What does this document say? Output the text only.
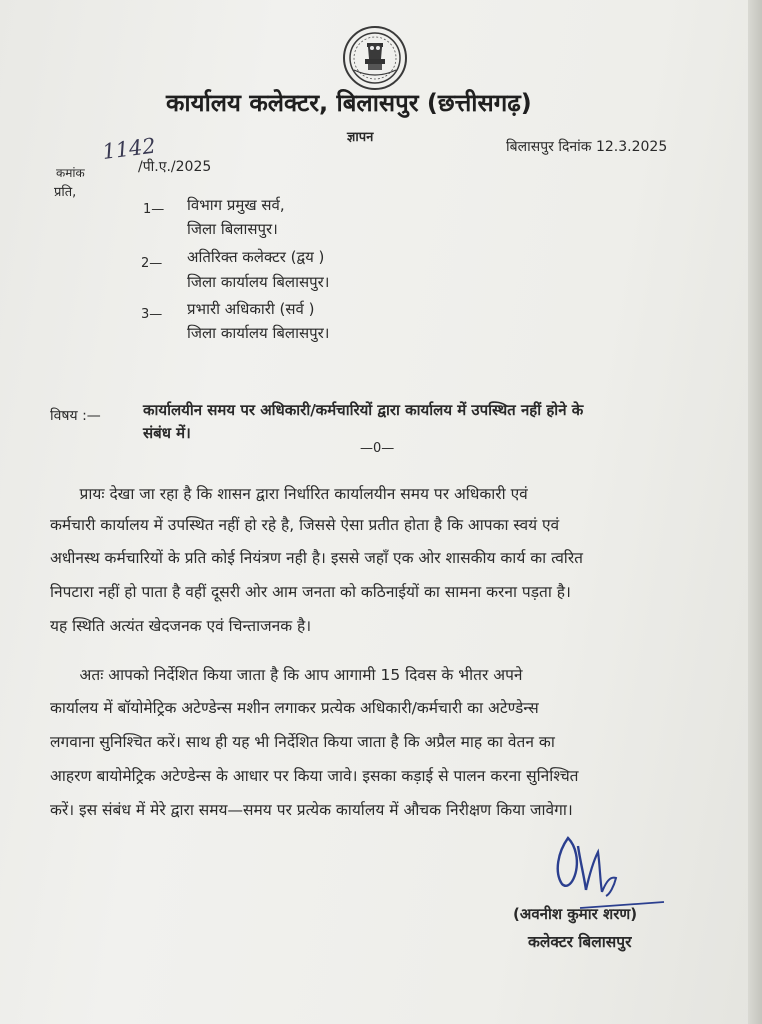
कार्यालय कलेक्टर, बिलासपुर (छत्तीसगढ़)
ज्ञापन
बिलासपुर दिनांक 12.3.2025
कमांक
1142
/पी.ए./2025
प्रति,
1— विभाग प्रमुख सर्व,
जिला बिलासपुर।
2— अतिरिक्त कलेक्टर (द्वय )
जिला कार्यालय बिलासपुर।
3— प्रभारी अधिकारी (सर्व )
जिला कार्यालय बिलासपुर।
विषय :—	कार्यालयीन समय पर अधिकारी/कर्मचारियों द्वारा कार्यालय में उपस्थित नहीं होने के
संबंध में।
—0—
प्रायः देखा जा रहा है कि शासन द्वारा निर्धारित कार्यालयीन समय पर अधिकारी एवं
कर्मचारी कार्यालय में उपस्थित नहीं हो रहे है, जिससे ऐसा प्रतीत होता है कि आपका स्वयं एवं
अधीनस्थ कर्मचारियों के प्रति कोई नियंत्रण नही है। इससे जहाँ एक ओर शासकीय कार्य का त्वरित
निपटारा नहीं हो पाता है वहीं दूसरी ओर आम जनता को कठिनाईयों का सामना करना पड़ता है।
यह स्थिति अत्यंत खेदजनक एवं चिन्ताजनक है।
अतः आपको निर्देशित किया जाता है कि आप आगामी 15 दिवस के भीतर अपने
कार्यालय में बॉयोमेट्रिक अटेण्डेन्स मशीन लगाकर प्रत्येक अधिकारी/कर्मचारी का अटेण्डेन्स
लगवाना सुनिश्चित करें। साथ ही यह भी निर्देशित किया जाता है कि अप्रैल माह का वेतन का
आहरण बायोमेट्रिक अटेण्डेन्स के आधार पर किया जावे। इसका कड़ाई से पालन करना सुनिश्चित
करें। इस संबंध में मेरे द्वारा समय—समय पर प्रत्येक कार्यालय में औचक निरीक्षण किया जावेगा।
(अवनीश कुमार शरण)
कलेक्टर बिलासपुर
